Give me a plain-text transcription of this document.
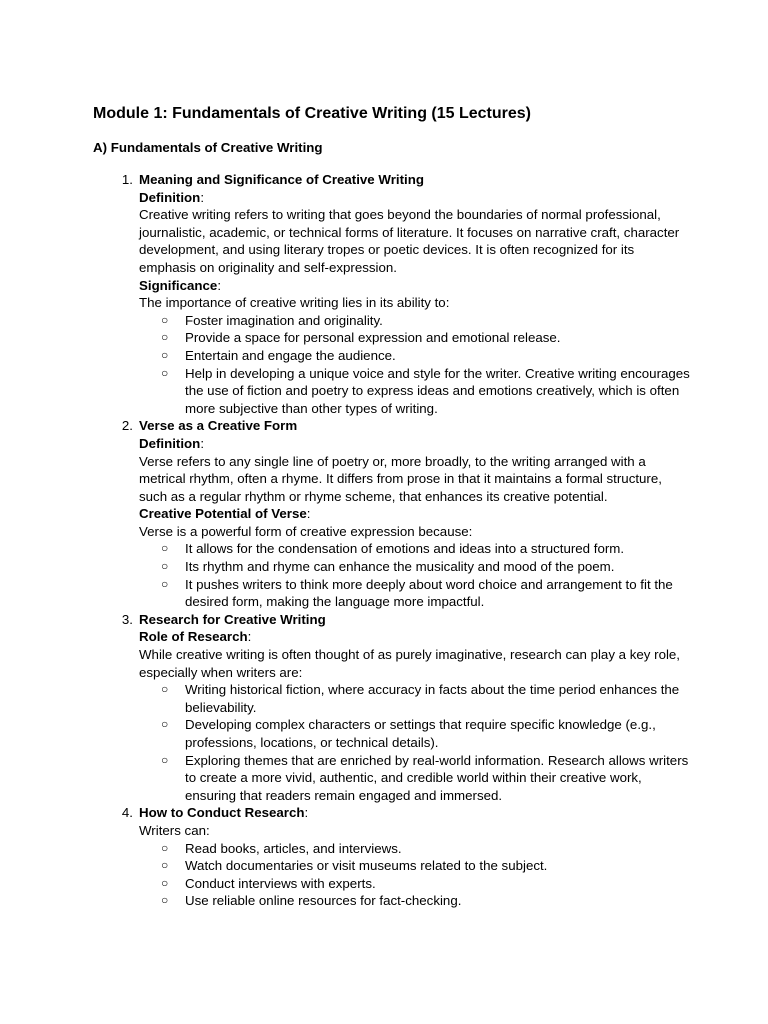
Module 1: Fundamentals of Creative Writing (15 Lectures)
A) Fundamentals of Creative Writing
1. Meaning and Significance of Creative Writing
Definition:
Creative writing refers to writing that goes beyond the boundaries of normal professional, journalistic, academic, or technical forms of literature. It focuses on narrative craft, character development, and using literary tropes or poetic devices. It is often recognized for its emphasis on originality and self-expression.
Significance:
The importance of creative writing lies in its ability to:
○ Foster imagination and originality.
○ Provide a space for personal expression and emotional release.
○ Entertain and engage the audience.
○ Help in developing a unique voice and style for the writer. Creative writing encourages the use of fiction and poetry to express ideas and emotions creatively, which is often more subjective than other types of writing.
2. Verse as a Creative Form
Definition:
Verse refers to any single line of poetry or, more broadly, to the writing arranged with a metrical rhythm, often a rhyme. It differs from prose in that it maintains a formal structure, such as a regular rhythm or rhyme scheme, that enhances its creative potential.
Creative Potential of Verse:
Verse is a powerful form of creative expression because:
○ It allows for the condensation of emotions and ideas into a structured form.
○ Its rhythm and rhyme can enhance the musicality and mood of the poem.
○ It pushes writers to think more deeply about word choice and arrangement to fit the desired form, making the language more impactful.
3. Research for Creative Writing
Role of Research:
While creative writing is often thought of as purely imaginative, research can play a key role, especially when writers are:
○ Writing historical fiction, where accuracy in facts about the time period enhances the believability.
○ Developing complex characters or settings that require specific knowledge (e.g., professions, locations, or technical details).
○ Exploring themes that are enriched by real-world information. Research allows writers to create a more vivid, authentic, and credible world within their creative work, ensuring that readers remain engaged and immersed.
4. How to Conduct Research:
Writers can:
○ Read books, articles, and interviews.
○ Watch documentaries or visit museums related to the subject.
○ Conduct interviews with experts.
○ Use reliable online resources for fact-checking.
